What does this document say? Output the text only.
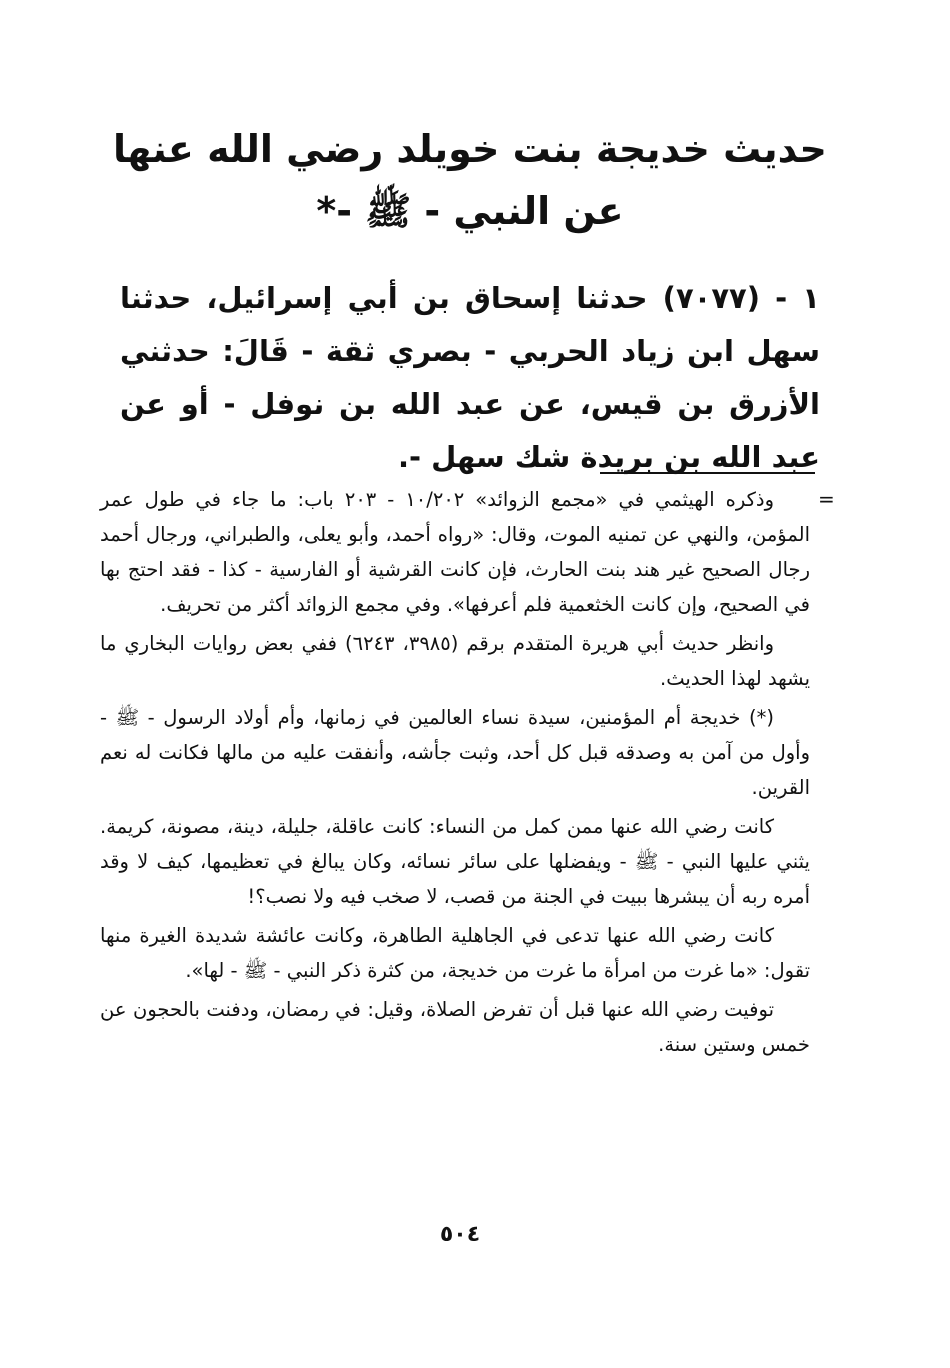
حديث خديجة بنت خويلد رضي الله عنها
عن النبي - ﷺ -*

١ - (٧٠٧٧) حدثنا إسحاق بن أبي إسرائيل، حدثنا سهل ابن زياد الحربي - بصري ثقة - قَالَ: حدثني الأزرق بن قيس، عن عبد الله بن نوفل - أو عن عبد الله بن بريدة شك سهل -.

=

وذكره الهيثمي في «مجمع الزوائد» ١٠/٢٠٢ - ٢٠٣ باب: ما جاء في طول عمر المؤمن، والنهي عن تمنيه الموت، وقال: «رواه أحمد، وأبو يعلى، والطبراني، ورجال أحمد رجال الصحيح غير هند بنت الحارث، فإن كانت القرشية أو الفارسية - كذا - فقد احتج بها في الصحيح، وإن كانت الخثعمية فلم أعرفها». وفي مجمع الزوائد أكثر من تحريف.

وانظر حديث أبي هريرة المتقدم برقم (٣٩٨٥، ٦٢٤٣) ففي بعض روايات البخاري ما يشهد لهذا الحديث.

(*) خديجة أم المؤمنين، سيدة نساء العالمين في زمانها، وأم أولاد الرسول - ﷺ - وأول من آمن به وصدقه قبل كل أحد، وثبت جأشه، وأنفقت عليه من مالها فكانت له نعم القرين.

كانت رضي الله عنها ممن كمل من النساء: كانت عاقلة، جليلة، دينة، مصونة، كريمة. يثني عليها النبي - ﷺ - ويفضلها على سائر نسائه، وكان يبالغ في تعظيمها، كيف لا وقد أمره ربه أن يبشرها ببيت في الجنة من قصب، لا صخب فيه ولا نصب؟!

كانت رضي الله عنها تدعى في الجاهلية الطاهرة، وكانت عائشة شديدة الغيرة منها تقول: «ما غرت من امرأة ما غرت من خديجة، من كثرة ذكر النبي - ﷺ - لها».

توفيت رضي الله عنها قبل أن تفرض الصلاة، وقيل: في رمضان، ودفنت بالحجون عن خمس وستين سنة.

٥٠٤
